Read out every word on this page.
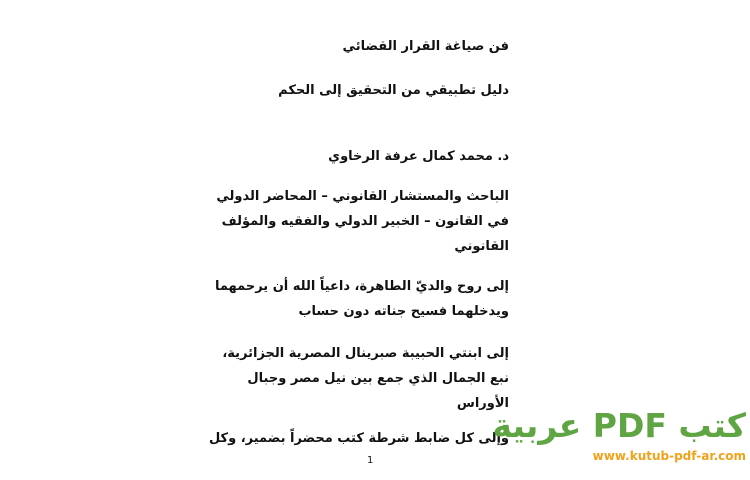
فن صياغة القرار القضائي

دليل تطبيقي من التحقيق إلى الحكم

د. محمد كمال عرفة الرخاوي

الباحث والمستشار القانوني – المحاضر الدولي

في القانون – الخبير الدولي والفقيه والمؤلف

القانوني

إلى روح والديّ الطاهرة، داعياً الله أن يرحمهما

ويدخلهما فسيح جناته دون حساب

إلى ابنتي الحبيبة صبرينال المصرية الجزائرية،

نبع الجمال الذي جمع بين نيل مصر وجبال

الأوراس

وإلى كل ضابط شرطة كتب محضراً بضمير، وكل

1
كتب PDF عربية
www.kutub-pdf-ar.com
